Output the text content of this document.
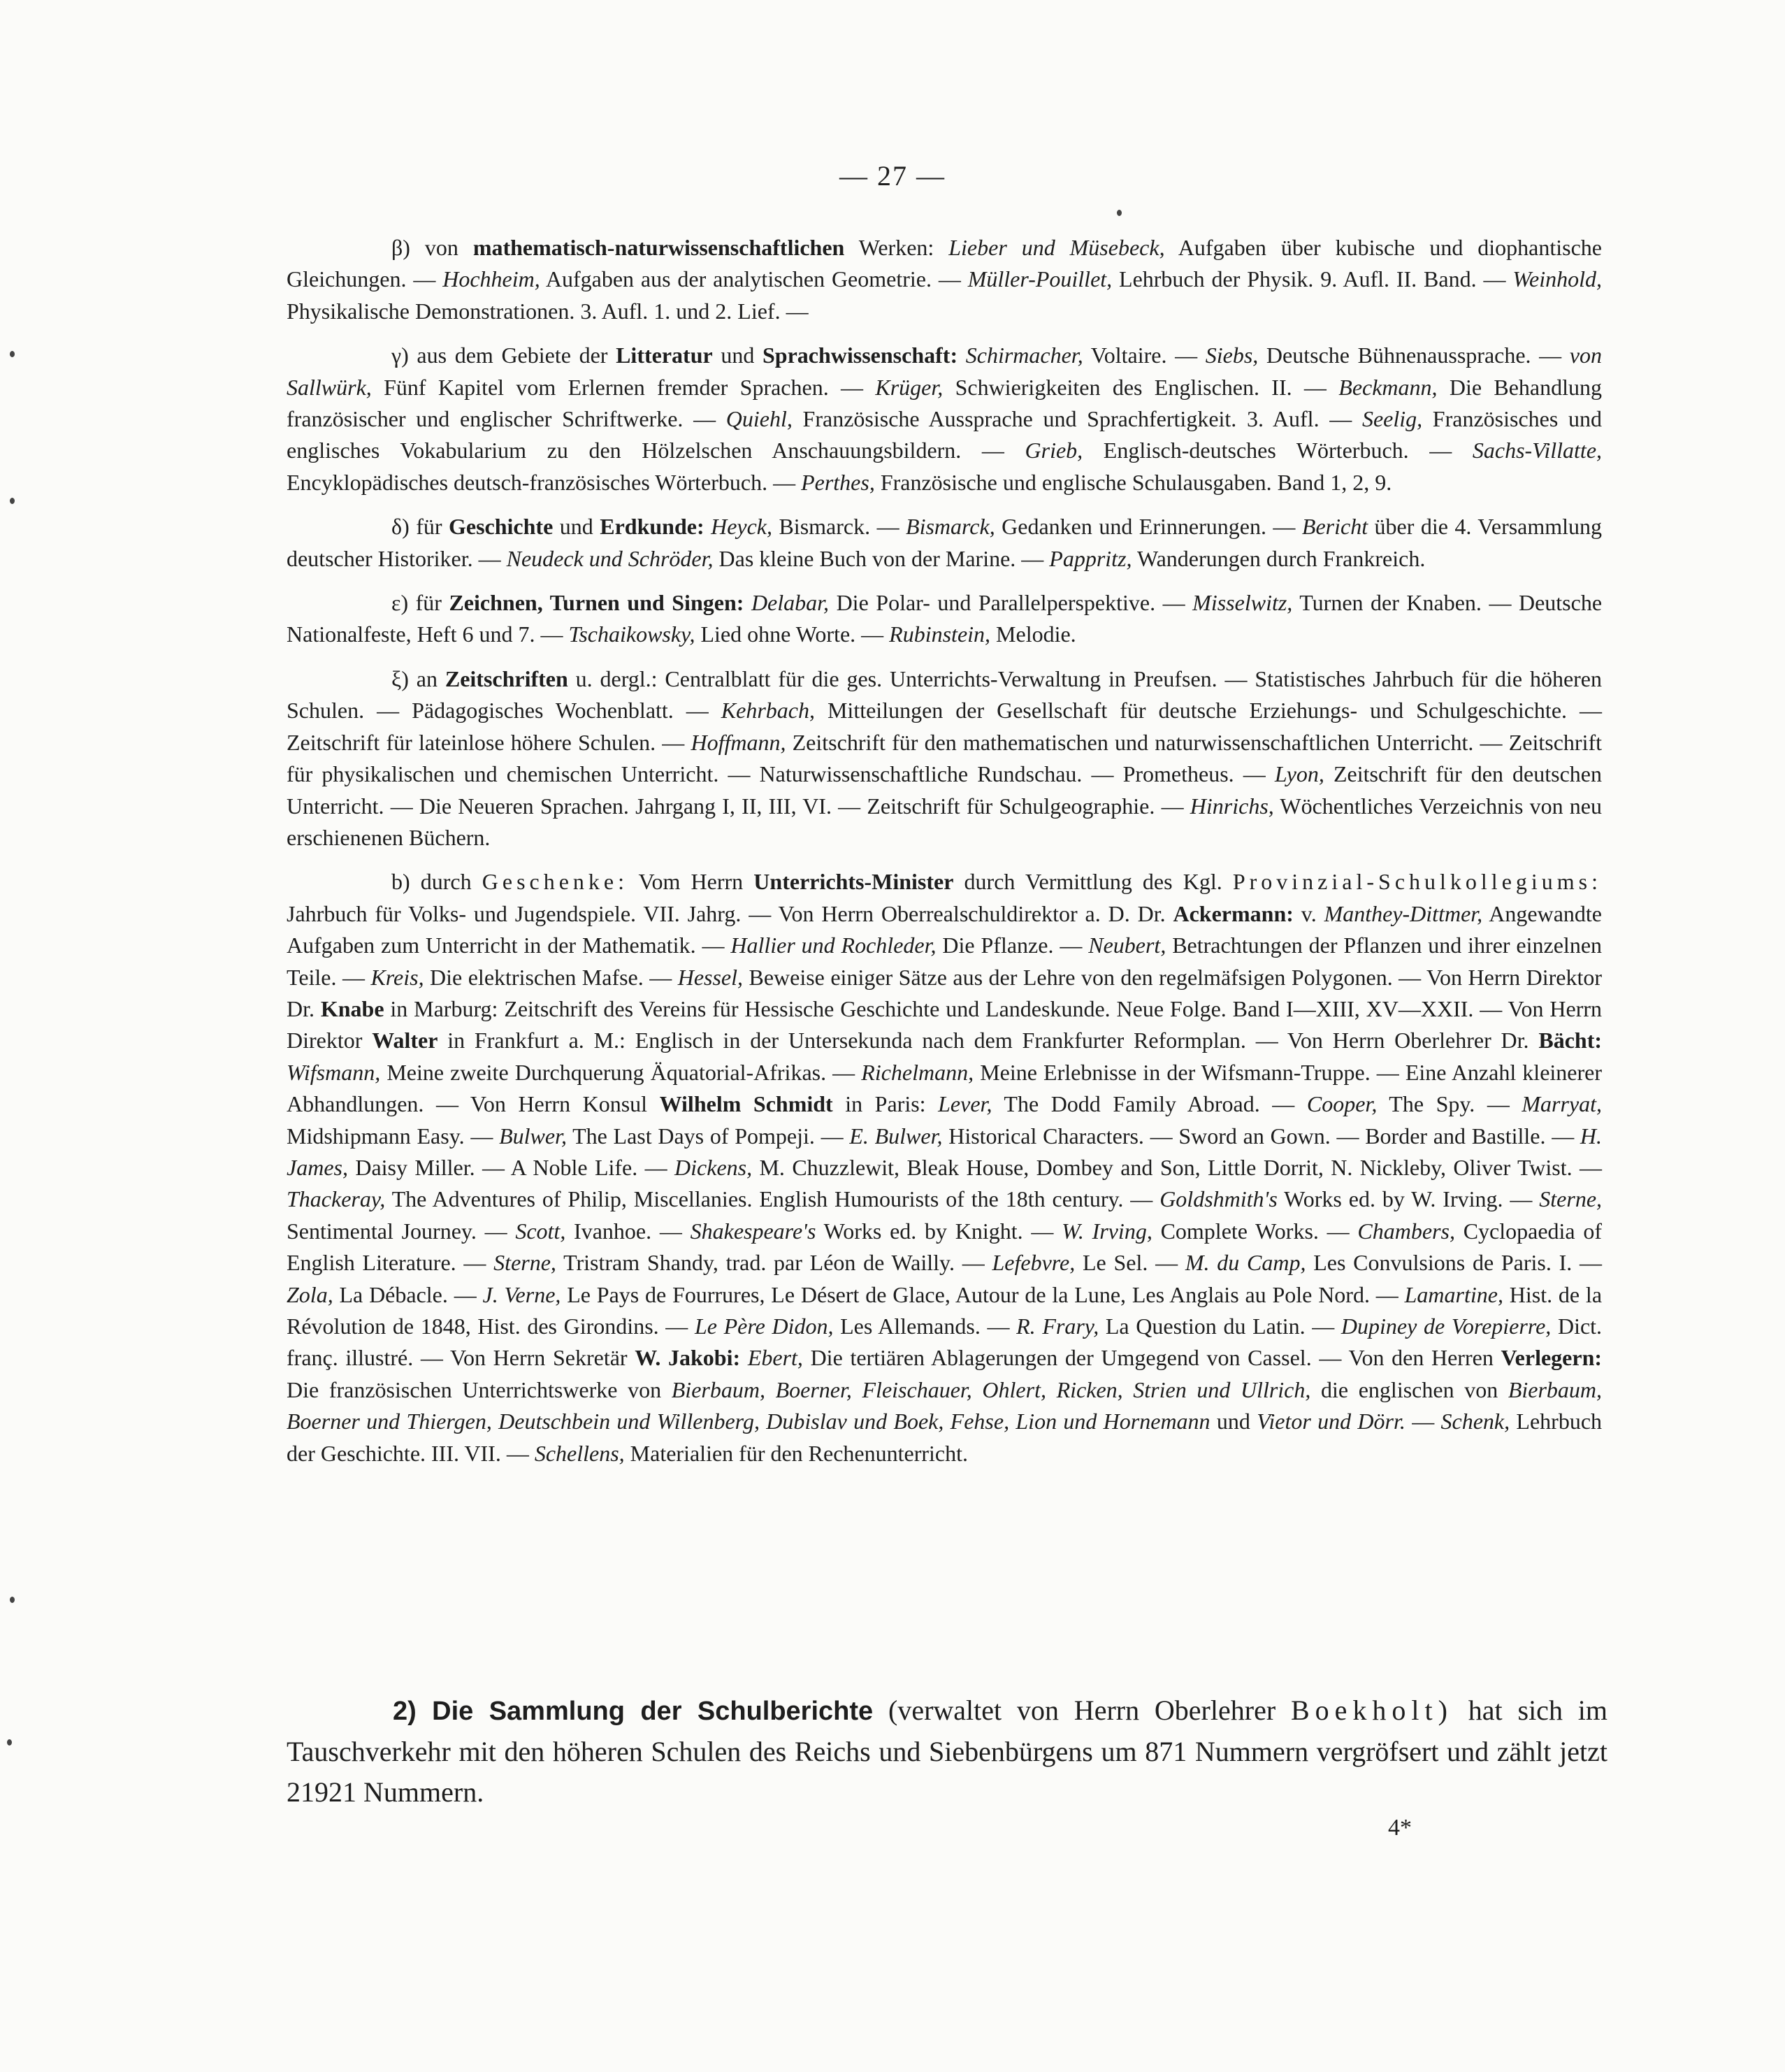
— 27 —

β) von mathematisch-naturwissenschaftlichen Werken: Lieber und Müsebeck, Aufgaben über kubische und diophantische Gleichungen. — Hochheim, Aufgaben aus der analytischen Geometrie. — Müller-Pouillet, Lehrbuch der Physik. 9. Aufl. II. Band. — Weinhold, Physikalische Demonstrationen. 3. Aufl. 1. und 2. Lief. —

γ) aus dem Gebiete der Litteratur und Sprachwissenschaft: Schirmacher, Voltaire. — Siebs, Deutsche Bühnenaussprache. — von Sallwürk, Fünf Kapitel vom Erlernen fremder Sprachen. — Krüger, Schwierigkeiten des Englischen. II. — Beckmann, Die Behandlung französischer und englischer Schriftwerke. — Quiehl, Französische Aussprache und Sprachfertigkeit. 3. Aufl. — Seelig, Französisches und englisches Vokabularium zu den Hölzelschen Anschauungsbildern. — Grieb, Englisch-deutsches Wörterbuch. — Sachs-Villatte, Encyklopädisches deutsch-französisches Wörterbuch. — Perthes, Französische und englische Schulausgaben. Band 1, 2, 9.

δ) für Geschichte und Erdkunde: Heyck, Bismarck. — Bismarck, Gedanken und Erinnerungen. — Bericht über die 4. Versammlung deutscher Historiker. — Neudeck und Schröder, Das kleine Buch von der Marine. — Pappritz, Wanderungen durch Frankreich.

ε) für Zeichnen, Turnen und Singen: Delabar, Die Polar- und Parallelperspektive. — Misselwitz, Turnen der Knaben. — Deutsche Nationalfeste, Heft 6 und 7. — Tschaikowsky, Lied ohne Worte. — Rubinstein, Melodie.

ξ) an Zeitschriften u. dergl.: Centralblatt für die ges. Unterrichts-Verwaltung in Preufsen. — Statistisches Jahrbuch für die höheren Schulen. — Pädagogisches Wochenblatt. — Kehrbach, Mitteilungen der Gesellschaft für deutsche Erziehungs- und Schulgeschichte. — Zeitschrift für lateinlose höhere Schulen. — Hoffmann, Zeitschrift für den mathematischen und naturwissenschaftlichen Unterricht. — Zeitschrift für physikalischen und chemischen Unterricht. — Naturwissenschaftliche Rundschau. — Prometheus. — Lyon, Zeitschrift für den deutschen Unterricht. — Die Neueren Sprachen. Jahrgang I, II, III, VI. — Zeitschrift für Schulgeographie. — Hinrichs, Wöchentliches Verzeichnis von neu erschienenen Büchern.

b) durch Geschenke: Vom Herrn Unterrichts-Minister durch Vermittlung des Kgl. Provinzial-Schulkollegiums: Jahrbuch für Volks- und Jugendspiele. VII. Jahrg. — Von Herrn Oberrealschuldirektor a. D. Dr. Ackermann: v. Manthey-Dittmer, Angewandte Aufgaben zum Unterricht in der Mathematik. — Hallier und Rochleder, Die Pflanze. — Neubert, Betrachtungen der Pflanzen und ihrer einzelnen Teile. — Kreis, Die elektrischen Mafse. — Hessel, Beweise einiger Sätze aus der Lehre von den regelmäfsigen Polygonen. — Von Herrn Direktor Dr. Knabe in Marburg: Zeitschrift des Vereins für Hessische Geschichte und Landeskunde. Neue Folge. Band I—XIII, XV—XXII. — Von Herrn Direktor Walter in Frankfurt a. M.: Englisch in der Untersekunda nach dem Frankfurter Reformplan. — Von Herrn Oberlehrer Dr. Bächt: Wifsmann, Meine zweite Durchquerung Äquatorial-Afrikas. — Richelmann, Meine Erlebnisse in der Wifsmann-Truppe. — Eine Anzahl kleinerer Abhandlungen. — Von Herrn Konsul Wilhelm Schmidt in Paris: Lever, The Dodd Family Abroad. — Cooper, The Spy. — Marryat, Midshipmann Easy. — Bulwer, The Last Days of Pompeji. — E. Bulwer, Historical Characters. — Sword an Gown. — Border and Bastille. — H. James, Daisy Miller. — A Noble Life. — Dickens, M. Chuzzlewit, Bleak House, Dombey and Son, Little Dorrit, N. Nickleby, Oliver Twist. — Thackeray, The Adventures of Philip, Miscellanies. English Humourists of the 18th century. — Goldshmith's Works ed. by W. Irving. — Sterne, Sentimental Journey. — Scott, Ivanhoe. — Shakespeare's Works ed. by Knight. — W. Irving, Complete Works. — Chambers, Cyclopaedia of English Literature. — Sterne, Tristram Shandy, trad. par Léon de Wailly. — Lefebvre, Le Sel. — M. du Camp, Les Convulsions de Paris. I. — Zola, La Débacle. — J. Verne, Le Pays de Fourrures, Le Désert de Glace, Autour de la Lune, Les Anglais au Pole Nord. — Lamartine, Hist. de la Révolution de 1848, Hist. des Girondins. — Le Père Didon, Les Allemands. — R. Frary, La Question du Latin. — Dupiney de Vorepierre, Dict. franç. illustré. — Von Herrn Sekretär W. Jakobi: Ebert, Die tertiären Ablagerungen der Umgegend von Cassel. — Von den Herren Verlegern: Die französischen Unterrichtswerke von Bierbaum, Boerner, Fleischauer, Ohlert, Ricken, Strien und Ullrich, die englischen von Bierbaum, Boerner und Thiergen, Deutschbein und Willenberg, Dubislav und Boek, Fehse, Lion und Hornemann und Vietor und Dörr. — Schenk, Lehrbuch der Geschichte. III. VII. — Schellens, Materialien für den Rechenunterricht.

2) Die Sammlung der Schulberichte (verwaltet von Herrn Oberlehrer Boekholt) hat sich im Tauschverkehr mit den höheren Schulen des Reichs und Siebenbürgens um 871 Nummern vergröfsert und zählt jetzt 21921 Nummern.

4*
